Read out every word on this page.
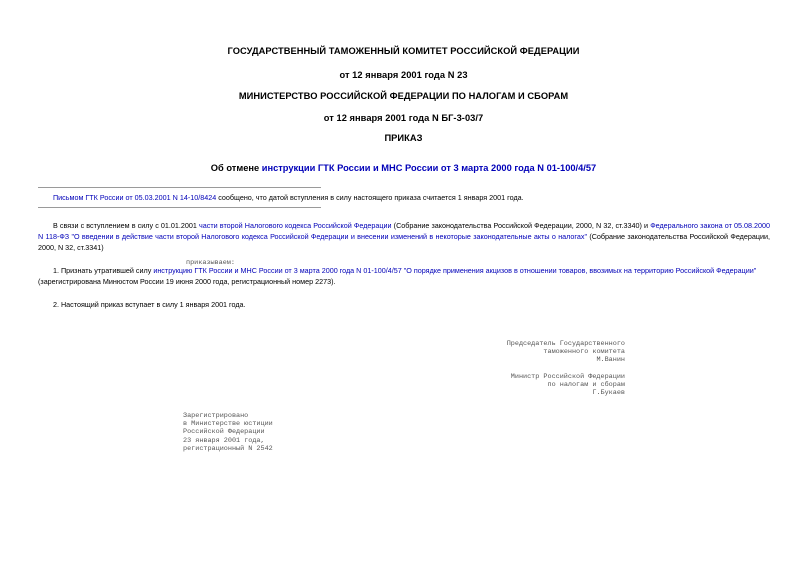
ГОСУДАРСТВЕННЫЙ ТАМОЖЕННЫЙ КОМИТЕТ РОССИЙСКОЙ ФЕДЕРАЦИИ
от 12 января 2001 года N 23
МИНИСТЕРСТВО РОССИЙСКОЙ ФЕДЕРАЦИИ ПО НАЛОГАМ И СБОРАМ
от 12 января 2001 года N БГ-3-03/7
ПРИКАЗ
Об отмене инструкции ГТК России и МНС России от 3 марта 2000 года N 01-100/4/57
Письмом ГТК России от 05.03.2001 N 14-10/8424 сообщено, что датой вступления в силу настоящего приказа считается 1 января 2001 года.
В связи с вступлением в силу с 01.01.2001 части второй Налогового кодекса Российской Федерации (Собрание законодательства Российской Федерации, 2000, N 32, ст.3340) и Федерального закона от 05.08.2000 N 118-ФЗ "О введении в действие части второй Налогового кодекса Российской Федерации и внесении изменений в некоторые законодательные акты о налогах" (Собрание законодательства Российской Федерации, 2000, N 32, ст.3341)
приказываем:
1. Признать утратившей силу инструкцию ГТК России и МНС России от 3 марта 2000 года N 01-100/4/57 "О порядке применения акцизов в отношении товаров, ввозимых на территорию Российской Федерации"
(зарегистрирована Минюстом России 19 июня 2000 года, регистрационный номер 2273).
2. Настоящий приказ вступает в силу 1 января 2001 года.
Председатель Государственного
таможенного комитета
М.Ванин
Министр Российской Федерации
по налогам и сборам
Г.Букаев
Зарегистрировано
в Министерстве юстиции
Российской Федерации
23 января 2001 года,
регистрационный N 2542
